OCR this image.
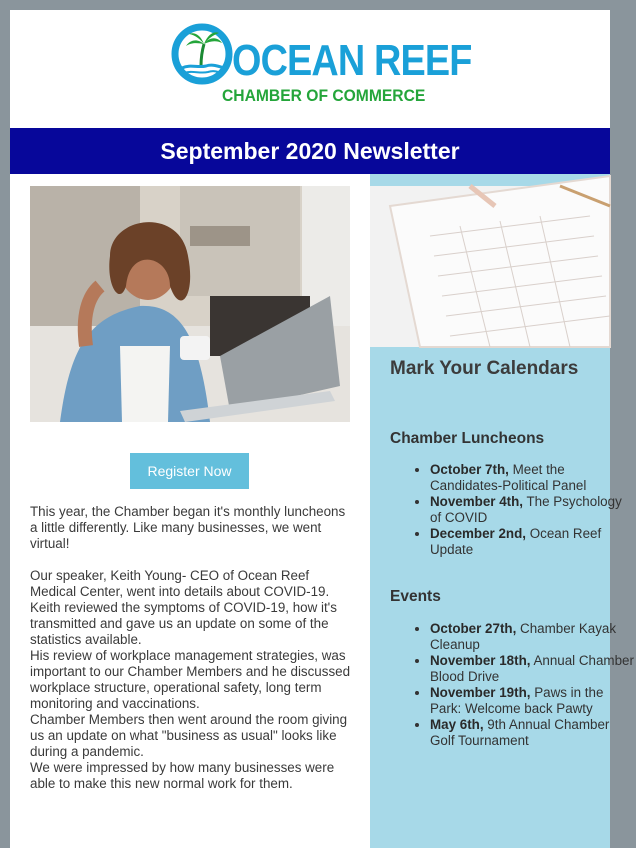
OCEAN REEF
CHAMBER OF COMMERCE
September 2020 Newsletter
Register Now

This year, the Chamber began it's monthly luncheons a little differently. Like many businesses, we went virtual!

Our speaker, Keith Young- CEO of Ocean Reef Medical Center, went into details about COVID-19.

Keith reviewed the symptoms of COVID-19, how it's transmitted and gave us an update on some of the statistics available.

His review of workplace management strategies, was important to our Chamber Members and he discussed workplace structure, operational safety, long term monitoring and vaccinations.

Chamber Members then went around the room giving us an update on what "business as usual" looks like during a pandemic.

We were impressed by how many businesses were able to make this new normal work for them.

Mark Your Calendars
Chamber Luncheons
• October 7th, Meet the Candidates-Political Panel
• November 4th, The Psychology of COVID
• December 2nd, Ocean Reef Update
Events
• October 27th, Chamber Kayak Cleanup
• November 18th, Annual Chamber Blood Drive
• November 19th, Paws in the Park: Welcome back Pawty
• May 6th, 9th Annual Chamber Golf Tournament
